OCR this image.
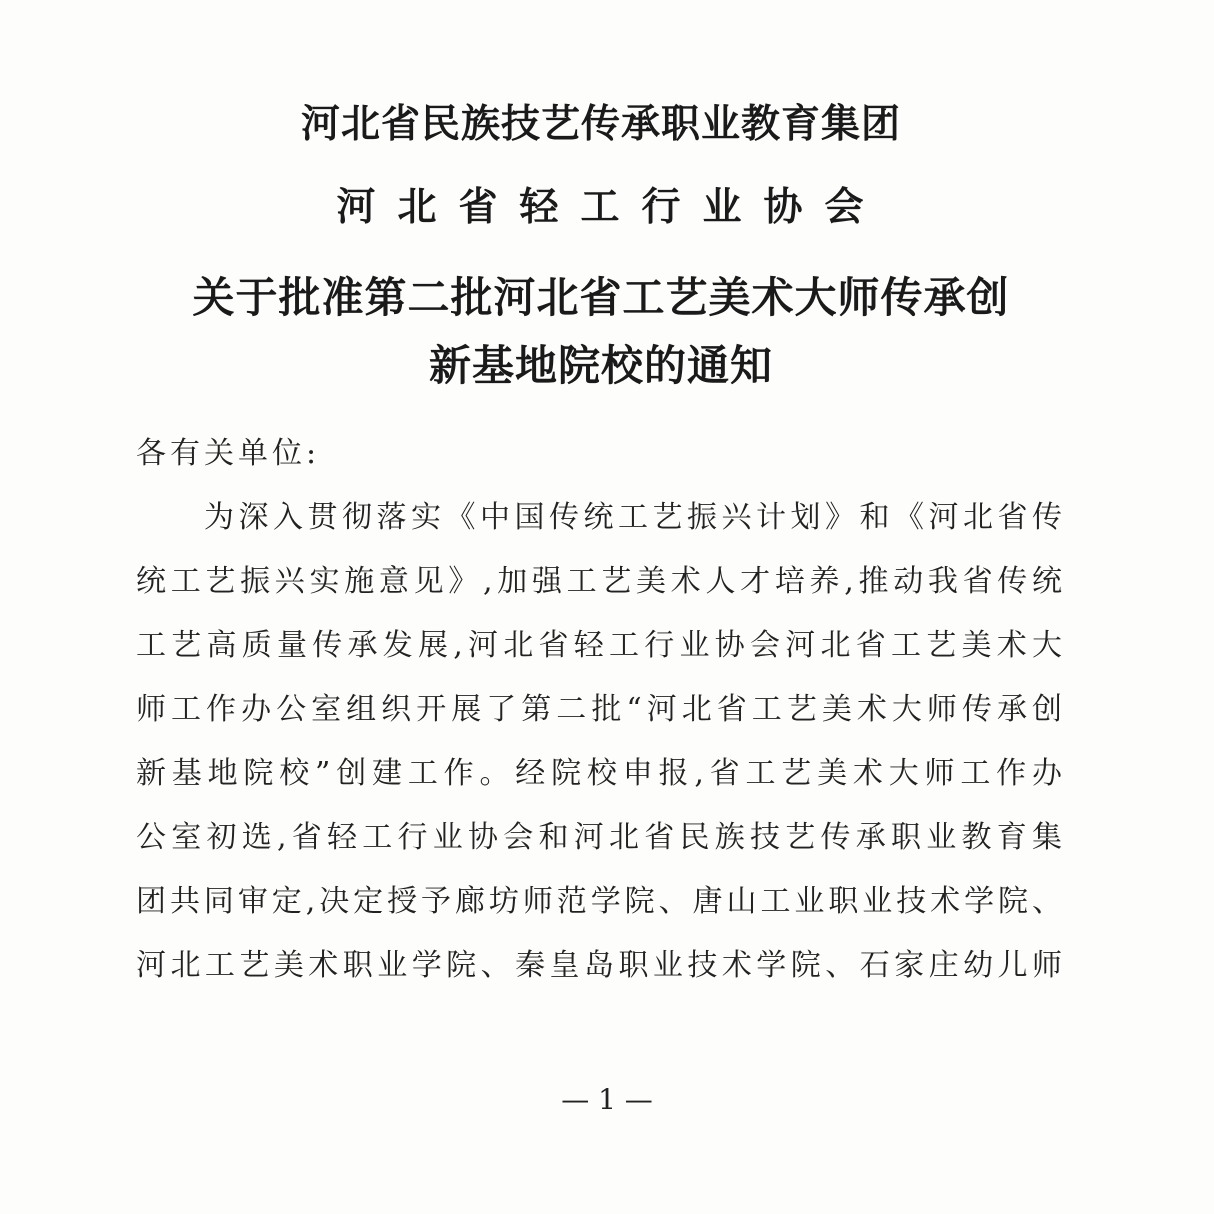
河北省民族技艺传承职业教育集团
河北省轻工行业协会
关于批准第二批河北省工艺美术大师传承创
新基地院校的通知
各有关单位:
为深入贯彻落实《中国传统工艺振兴计划》和《河北省传
统工艺振兴实施意见》,加强工艺美术人才培养,推动我省传统
工艺高质量传承发展,河北省轻工行业协会河北省工艺美术大
师工作办公室组织开展了第二批“河北省工艺美术大师传承创
新基地院校”创建工作。经院校申报,省工艺美术大师工作办
公室初选,省轻工行业协会和河北省民族技艺传承职业教育集
团共同审定,决定授予廊坊师范学院、唐山工业职业技术学院、
河北工艺美术职业学院、秦皇岛职业技术学院、石家庄幼儿师
— 1 —
